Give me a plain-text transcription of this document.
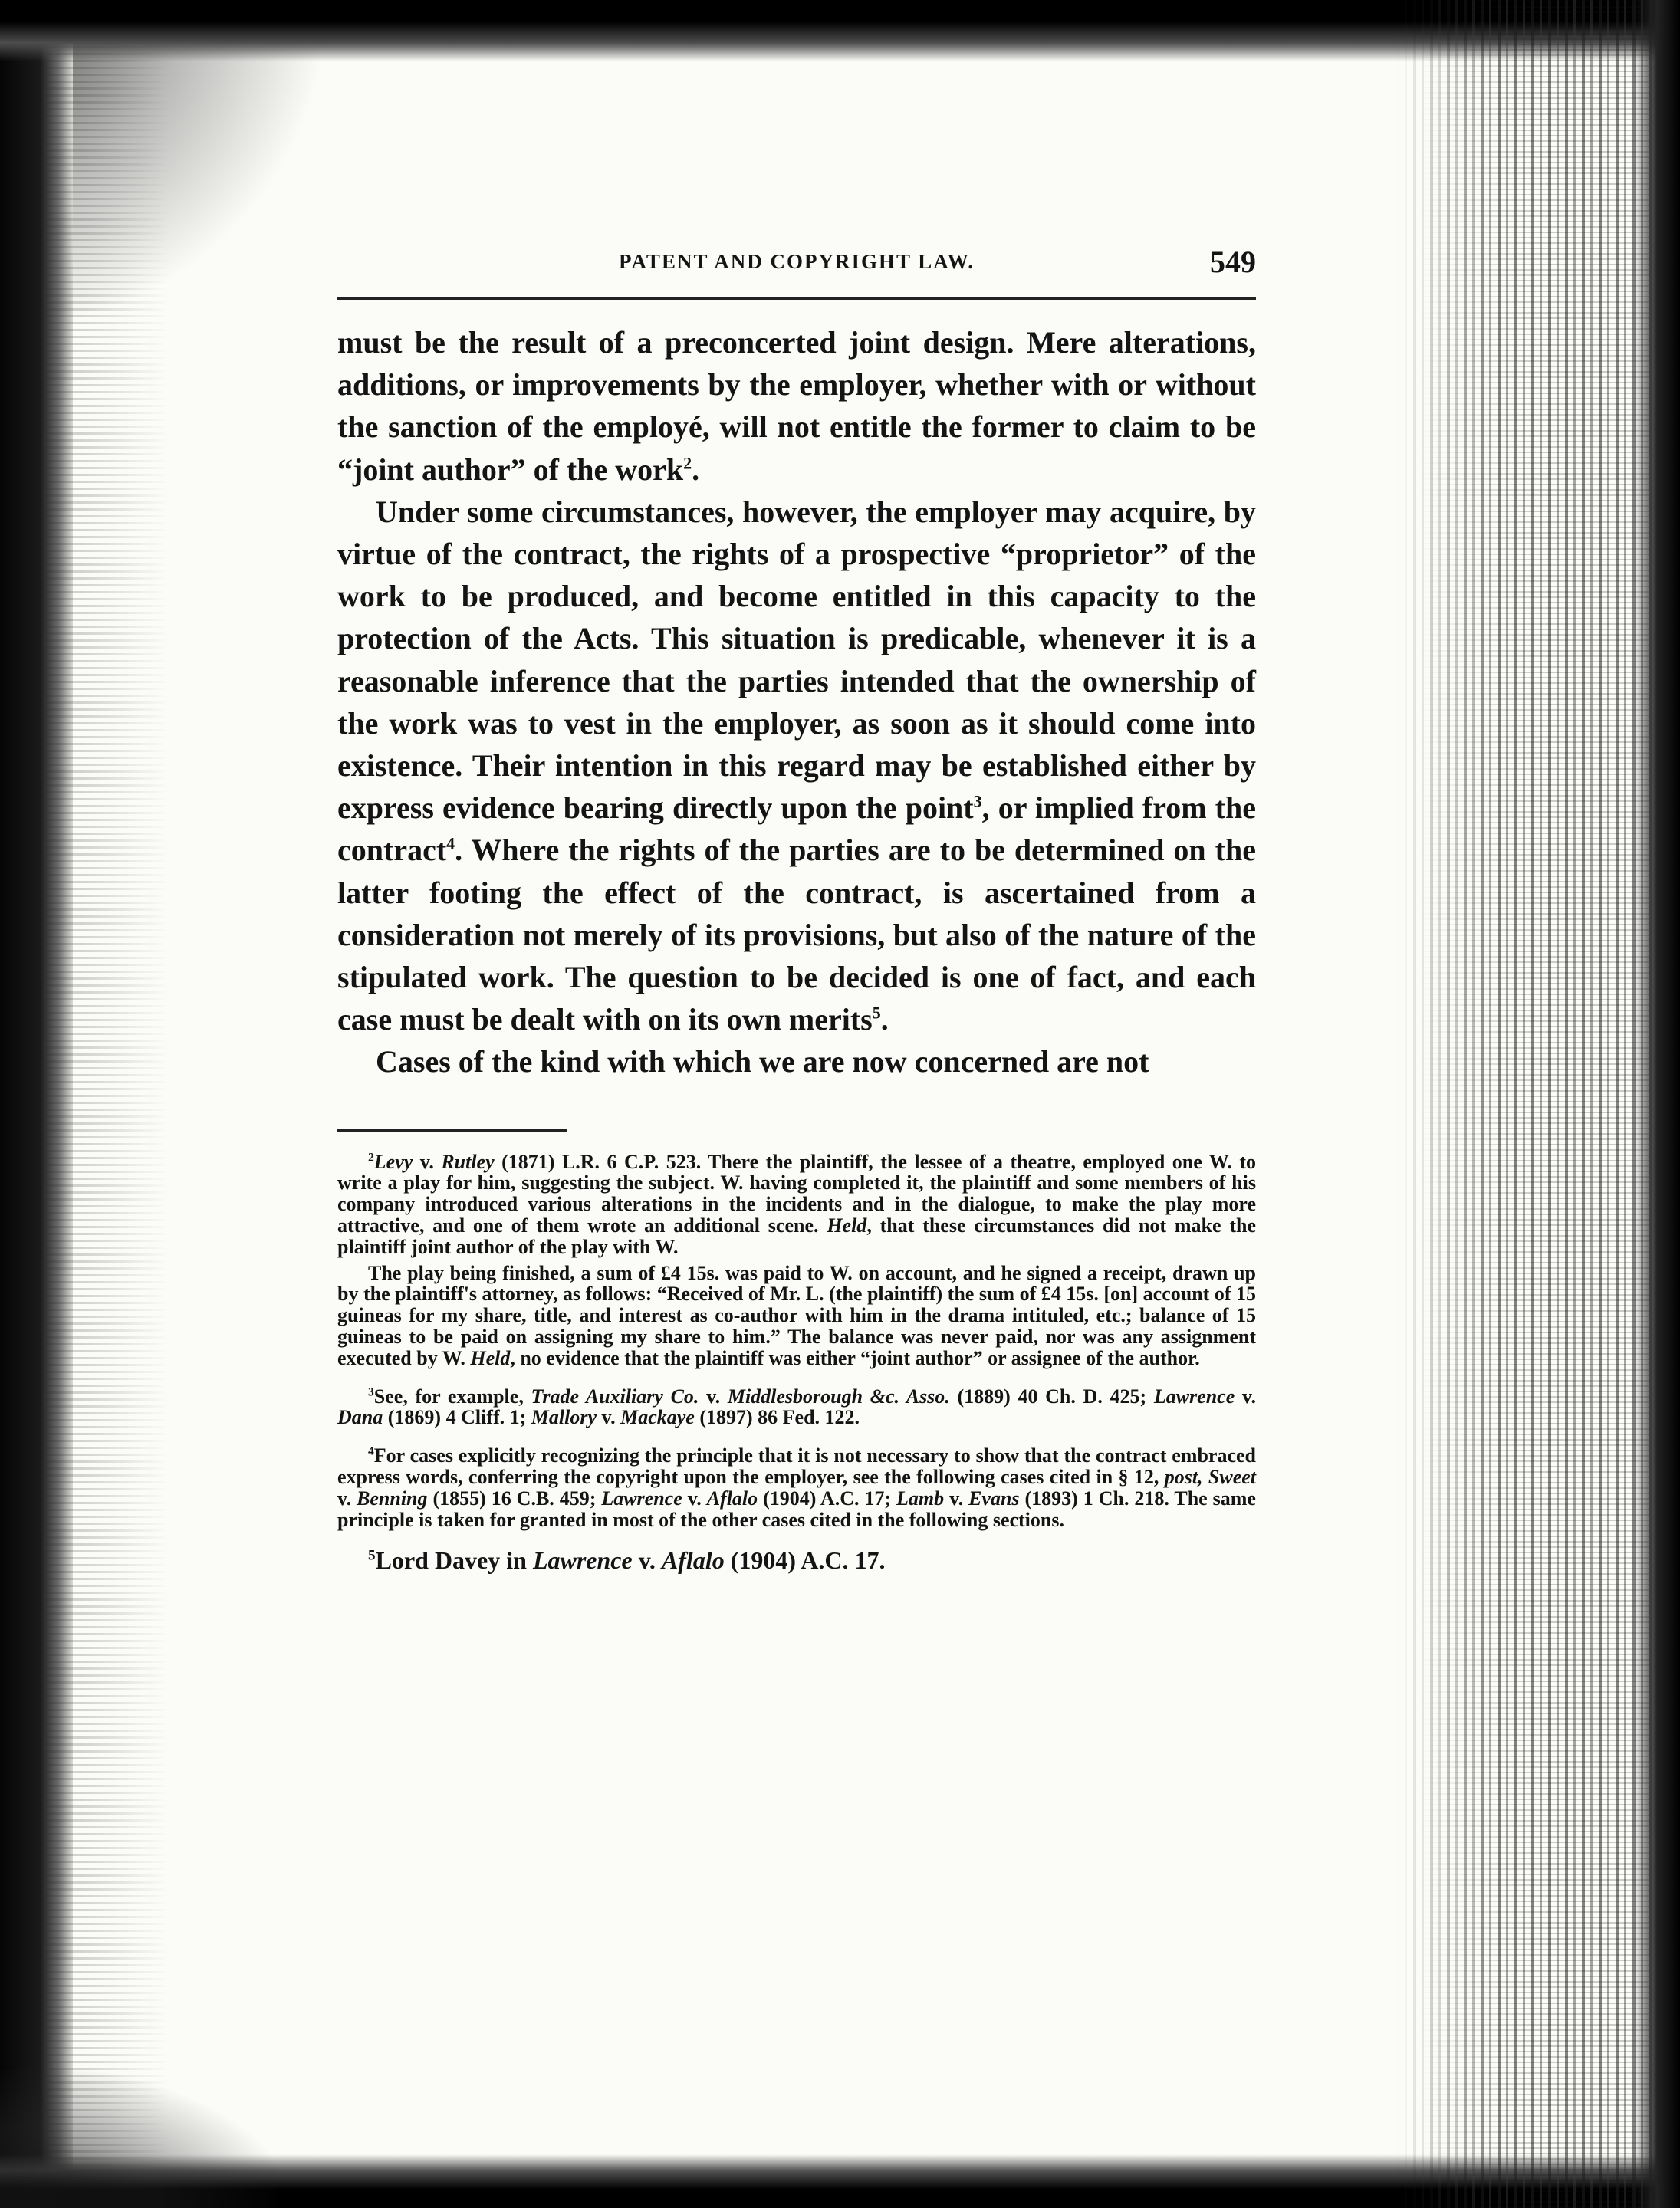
PATENT AND COPYRIGHT LAW.	549

must be the result of a preconcerted joint design. Mere alterations, additions, or improvements by the employer, whether with or without the sanction of the employé, will not entitle the former to claim to be “joint author” of the work$^2$.

Under some circumstances, however, the employer may acquire, by virtue of the contract, the rights of a prospective “proprietor” of the work to be produced, and become entitled in this capacity to the protection of the Acts. This situation is predicable, whenever it is a reasonable inference that the parties intended that the ownership of the work was to vest in the employer, as soon as it should come into existence. Their intention in this regard may be established either by express evidence bearing directly upon the point$^3$, or implied from the contract$^4$. Where the rights of the parties are to be determined on the latter footing the effect of the contract, is ascertained from a consideration not merely of its provisions, but also of the nature of the stipulated work. The question to be decided is one of fact, and each case must be dealt with on its own merits$^5$.

Cases of the kind with which we are now concerned are not

$^2$Levy v. Rutley (1871) L.R. 6 C.P. 523. There the plaintiff, the lessee of a theatre, employed one W. to write a play for him, suggesting the subject. W. having completed it, the plaintiff and some members of his company introduced various alterations in the incidents and in the dialogue, to make the play more attractive, and one of them wrote an additional scene. Held, that these circumstances did not make the plaintiff joint author of the play with W.

The play being finished, a sum of £4 15s. was paid to W. on account, and he signed a receipt, drawn up by the plaintiff's attorney, as follows: “Received of Mr. L. (the plaintiff) the sum of £4 15s. [on] account of 15 guineas for my share, title, and interest as co-author with him in the drama intituled, etc.; balance of 15 guineas to be paid on assigning my share to him.” The balance was never paid, nor was any assignment executed by W. Held, no evidence that the plaintiff was either “joint author” or assignee of the author.

$^3$See, for example, Trade Auxiliary Co. v. Middlesborough &c. Asso. (1889) 40 Ch. D. 425; Lawrence v. Dana (1869) 4 Cliff. 1; Mallory v. Mackaye (1897) 86 Fed. 122.

$^4$For cases explicitly recognizing the principle that it is not necessary to show that the contract embraced express words, conferring the copyright upon the employer, see the following cases cited in § 12, post, Sweet v. Benning (1855) 16 C.B. 459; Lawrence v. Aflalo (1904) A.C. 17; Lamb v. Evans (1893) 1 Ch. 218. The same principle is taken for granted in most of the other cases cited in the following sections.

$^5$Lord Davey in Lawrence v. Aflalo (1904) A.C. 17.
